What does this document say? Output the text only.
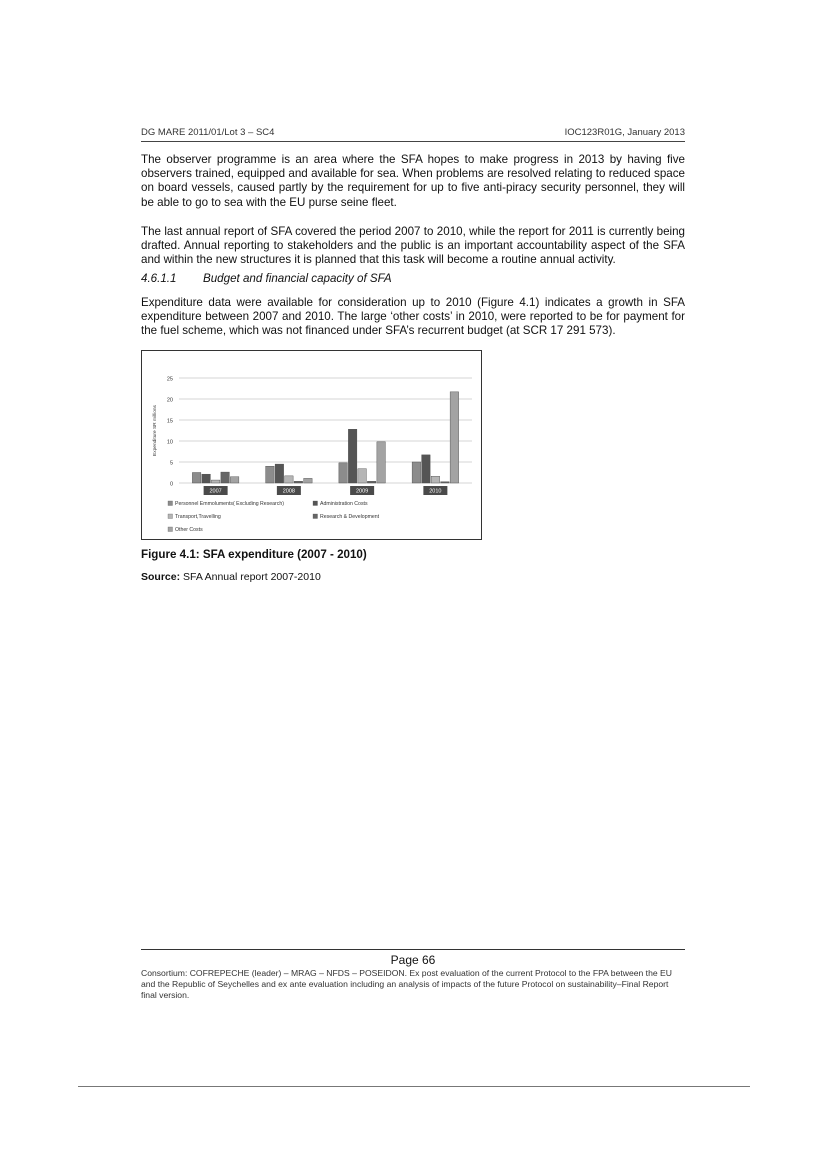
DG MARE 2011/01/Lot 3 – SC4	IOC123R01G, January 2013

The observer programme is an area where the SFA hopes to make progress in 2013 by having five observers trained, equipped and available for sea. When problems are resolved relating to reduced space on board vessels, caused partly by the requirement for up to five anti-piracy security personnel, they will be able to go to sea with the EU purse seine fleet.

The last annual report of SFA covered the period 2007 to 2010, while the report for 2011 is currently being drafted. Annual reporting to stakeholders and the public is an important accountability aspect of the SFA and within the new structures it is planned that this task will become a routine annual activity.

4.6.1.1 Budget and financial capacity of SFA

Expenditure data were available for consideration up to 2010 (Figure 4.1) indicates a growth in SFA expenditure between 2007 and 2010. The large ‘other costs’ in 2010, were reported to be for payment for the fuel scheme, which was not financed under SFA’s recurrent budget (at SCR 17 291 573).

0
5
10
15
20
25
Expenditure SR millions
2007	2008	2009	2010
Personnel Emmoluments( Excluding Research)	Administration Costs
Transport,Travelling	Research & Development
Other Costs

Figure 4.1: SFA expenditure (2007 - 2010)

Source: SFA Annual report 2007-2010

Page 66

Consortium: COFREPECHE (leader) – MRAG – NFDS – POSEIDON. Ex post evaluation of the current Protocol to the FPA between the EU and the Republic of Seychelles and ex ante evaluation including an analysis of impacts of the future Protocol on sustainability–Final Report final version.
